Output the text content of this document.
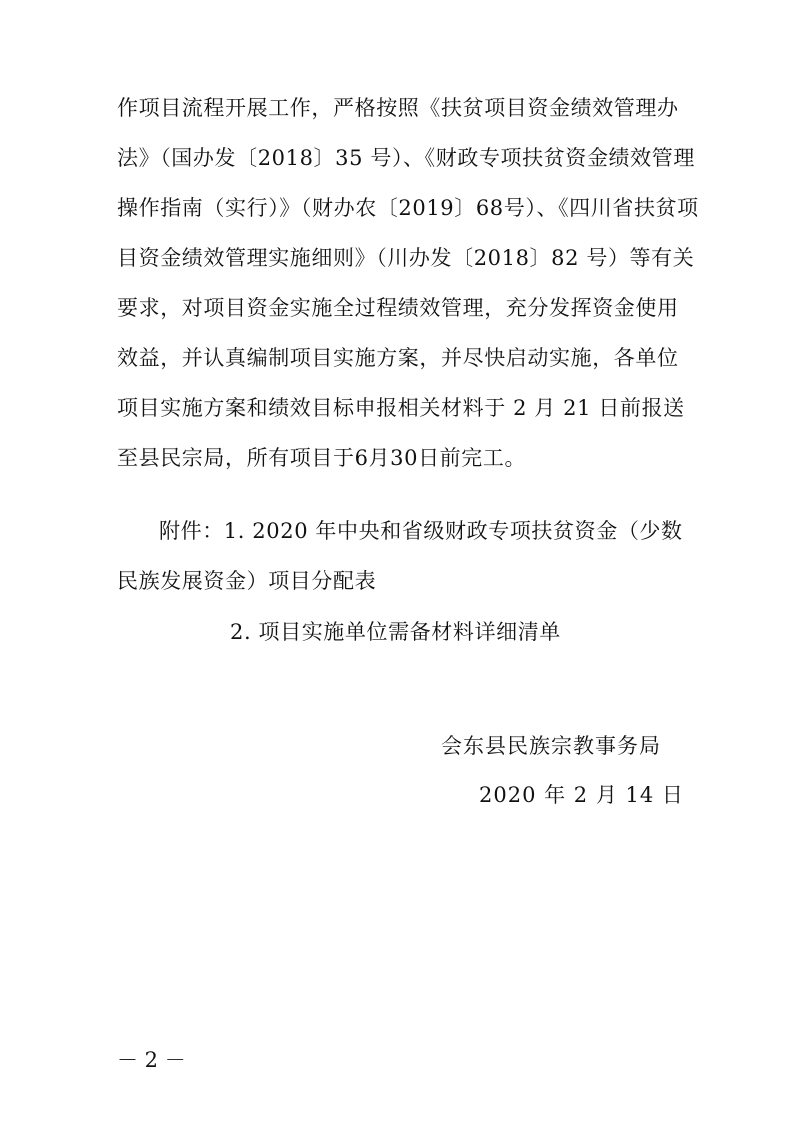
作项目流程开展工作，严格按照《扶贫项目资金绩效管理办
法》（国办发〔2018〕35 号）、《财政专项扶贫资金绩效管理
操作指南（实行）》（财办农〔2019〕68号）、《四川省扶贫项
目资金绩效管理实施细则》（川办发〔2018〕82 号）等有关
要求，对项目资金实施全过程绩效管理，充分发挥资金使用
效益，并认真编制项目实施方案，并尽快启动实施，各单位
项目实施方案和绩效目标申报相关材料于 2 月 21 日前报送
至县民宗局，所有项目于6月30日前完工。
附件：1. 2020 年中央和省级财政专项扶贫资金（少数
民族发展资金）项目分配表
2. 项目实施单位需备材料详细清单
会东县民族宗教事务局
2020 年 2 月 14 日
－ 2 －
